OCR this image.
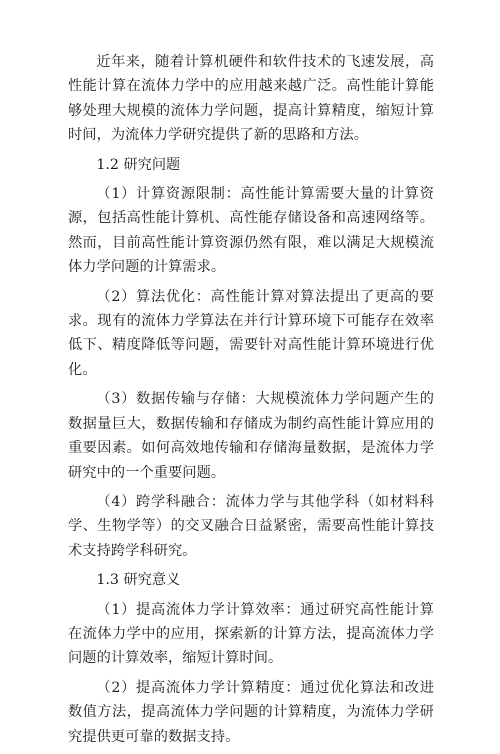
近年来，随着计算机硬件和软件技术的飞速发展，高性能计算在流体力学中的应用越来越广泛。高性能计算能够处理大规模的流体力学问题，提高计算精度，缩短计算时间，为流体力学研究提供了新的思路和方法。

1.2 研究问题

（1）计算资源限制：高性能计算需要大量的计算资源，包括高性能计算机、高性能存储设备和高速网络等。然而，目前高性能计算资源仍然有限，难以满足大规模流体力学问题的计算需求。

（2）算法优化：高性能计算对算法提出了更高的要求。现有的流体力学算法在并行计算环境下可能存在效率低下、精度降低等问题，需要针对高性能计算环境进行优化。

（3）数据传输与存储：大规模流体力学问题产生的数据量巨大，数据传输和存储成为制约高性能计算应用的重要因素。如何高效地传输和存储海量数据，是流体力学研究中的一个重要问题。

（4）跨学科融合：流体力学与其他学科（如材料科学、生物学等）的交叉融合日益紧密，需要高性能计算技术支持跨学科研究。

1.3 研究意义

（1）提高流体力学计算效率：通过研究高性能计算在流体力学中的应用，探索新的计算方法，提高流体力学问题的计算效率，缩短计算时间。

（2）提高流体力学计算精度：通过优化算法和改进数值方法，提高流体力学问题的计算精度，为流体力学研究提供更可靠的数据支持。
